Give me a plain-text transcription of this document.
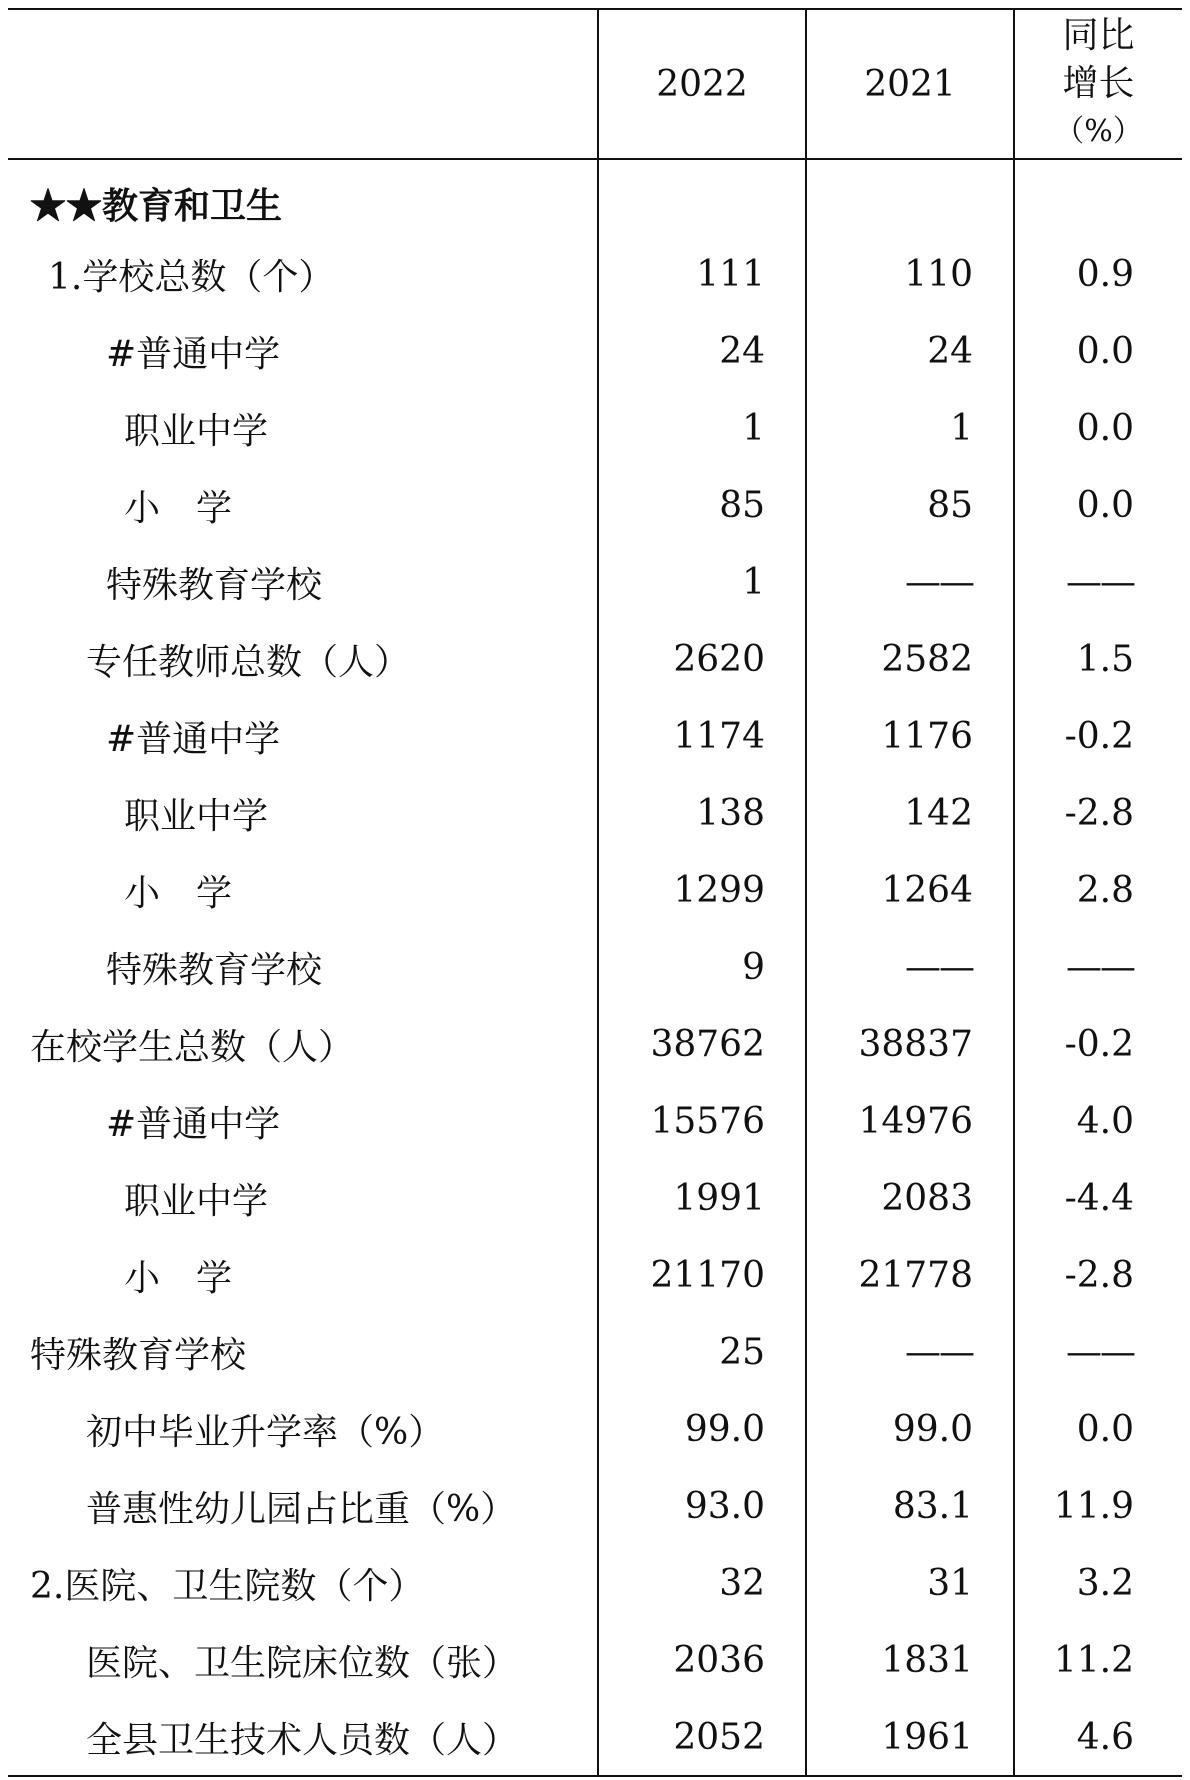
	2022	2021	同比
增长
（%）

★★教育和卫生			
1.学校总数（个）	111	110	0.9
#普通中学	24	24	0.0
职业中学	1	1	0.0
小　学	85	85	0.0
特殊教育学校	1	——	——
专任教师总数（人）	2620	2582	1.5
#普通中学	1174	1176	-0.2
职业中学	138	142	-2.8
小　学	1299	1264	2.8
特殊教育学校	9	——	——
在校学生总数（人）	38762	38837	-0.2
#普通中学	15576	14976	4.0
职业中学	1991	2083	-4.4
小　学	21170	21778	-2.8
特殊教育学校	25	——	——
初中毕业升学率（%）	99.0	99.0	0.0
普惠性幼儿园占比重（%）	93.0	83.1	11.9
2.医院、卫生院数（个）	32	31	3.2
医院、卫生院床位数（张）	2036	1831	11.2
全县卫生技术人员数（人）	2052	1961	4.6
